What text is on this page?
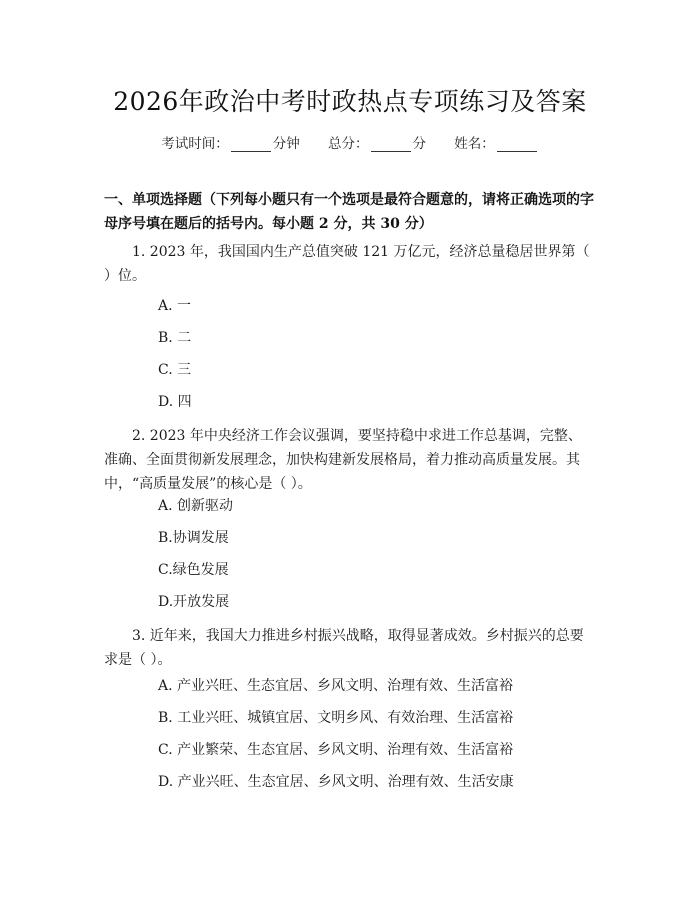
2026年政治中考时政热点专项练习及答案
考试时间：	分钟 总分：	分 姓名：
一、单项选择题（下列每小题只有一个选项是最符合题意的，请将正确选项的字
母序号填在题后的括号内。每小题 2 分，共 30 分）
1. 2023 年，我国国内生产总值突破 121 万亿元，经济总量稳居世界第（ ）位。
A. 一
B. 二
C. 三
D. 四
2. 2023 年中央经济工作会议强调，要坚持稳中求进工作总基调，完整、准确、全面贯彻新发展理念，加快构建新发展格局，着力推动高质量发展。其中，“高质量发展”的核心是（ ）。
A. 创新驱动
B.协调发展
C.绿色发展
D.开放发展
3. 近年来，我国大力推进乡村振兴战略，取得显著成效。乡村振兴的总要求是（ ）。
A. 产业兴旺、生态宜居、乡风文明、治理有效、生活富裕
B. 工业兴旺、城镇宜居、文明乡风、有效治理、生活富裕
C. 产业繁荣、生态宜居、乡风文明、治理有效、生活富裕
D. 产业兴旺、生态宜居、乡风文明、治理有效、生活安康
